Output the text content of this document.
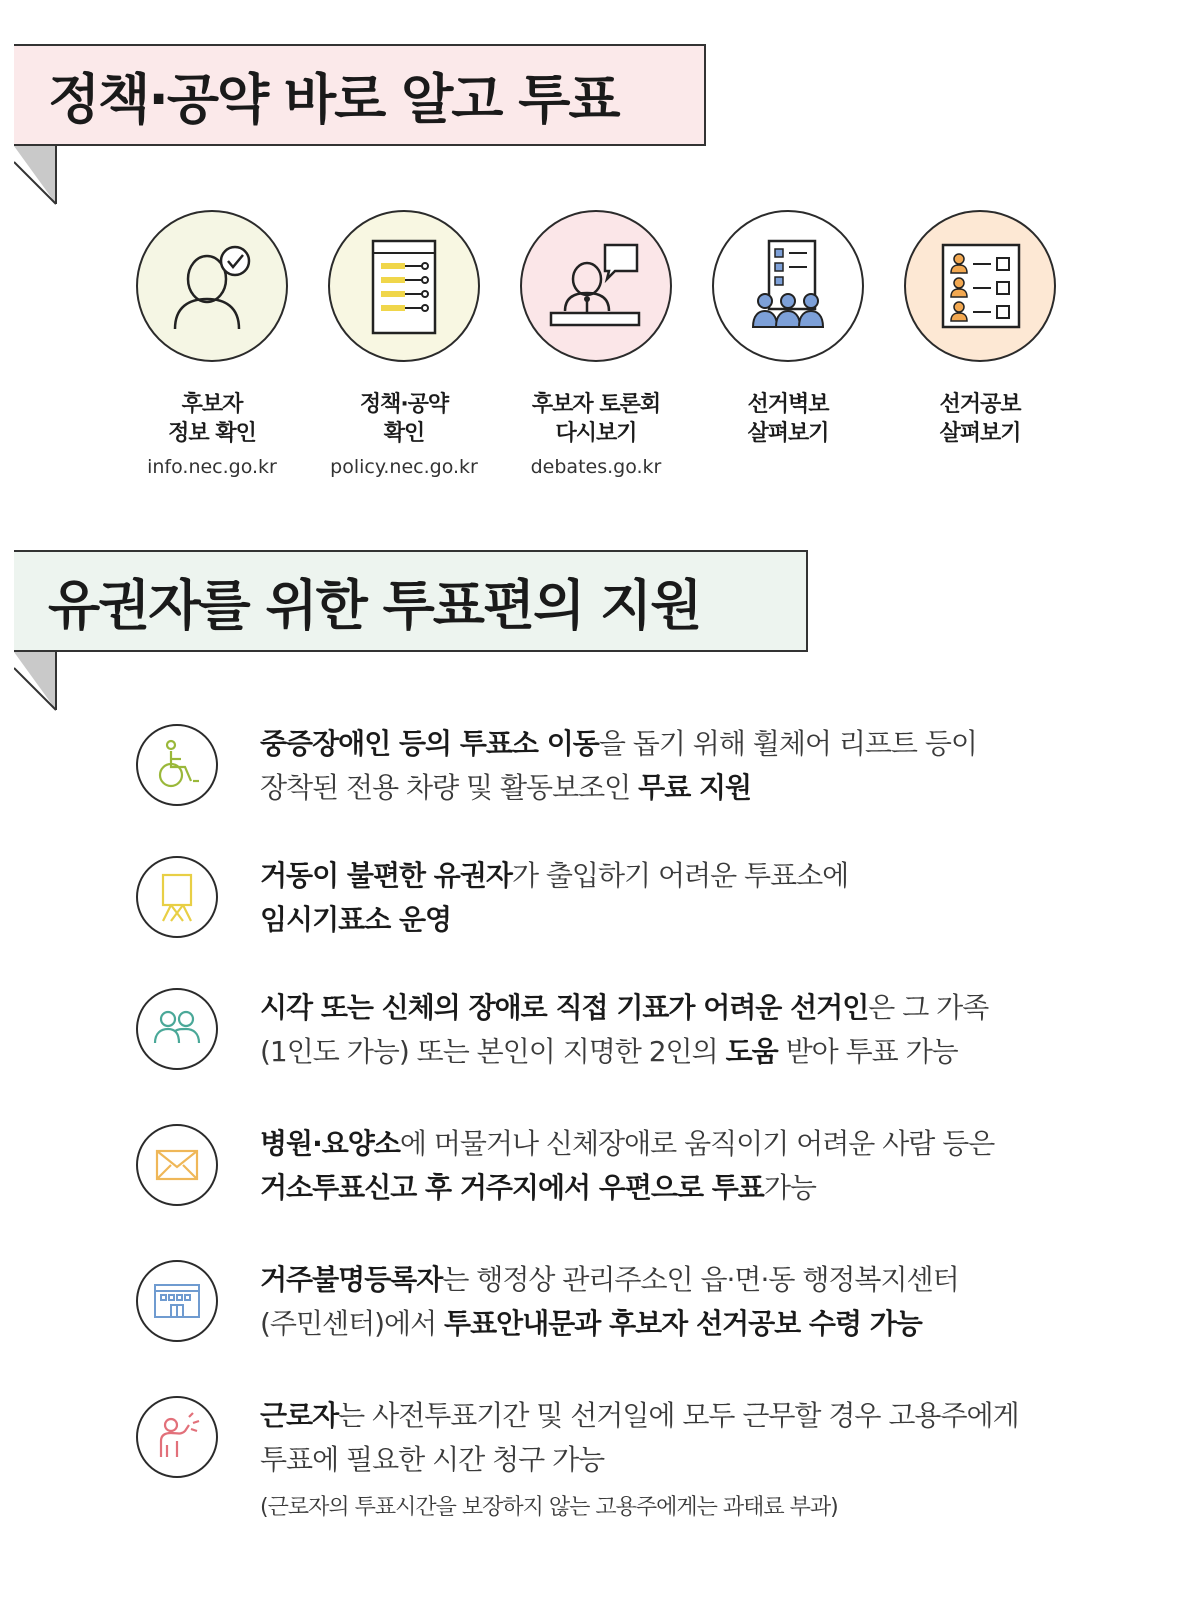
정책·공약 바로 알고 투표
후보자
정보 확인
info.nec.go.kr
정책·공약
확인
policy.nec.go.kr
후보자 토론회
다시보기
debates.go.kr
선거벽보
살펴보기
선거공보
살펴보기
유권자를 위한 투표편의 지원
중증장애인 등의 투표소 이동을 돕기 위해 휠체어 리프트 등이
장착된 전용 차량 및 활동보조인 무료 지원
거동이 불편한 유권자가 출입하기 어려운 투표소에
임시기표소 운영
시각 또는 신체의 장애로 직접 기표가 어려운 선거인은 그 가족
(1인도 가능) 또는 본인이 지명한 2인의 도움 받아 투표 가능
병원·요양소에 머물거나 신체장애로 움직이기 어려운 사람 등은
거소투표신고 후 거주지에서 우편으로 투표가능
거주불명등록자는 행정상 관리주소인 읍·면·동 행정복지센터
(주민센터)에서 투표안내문과 후보자 선거공보 수령 가능
근로자는 사전투표기간 및 선거일에 모두 근무할 경우 고용주에게
투표에 필요한 시간 청구 가능
(근로자의 투표시간을 보장하지 않는 고용주에게는 과태료 부과)
